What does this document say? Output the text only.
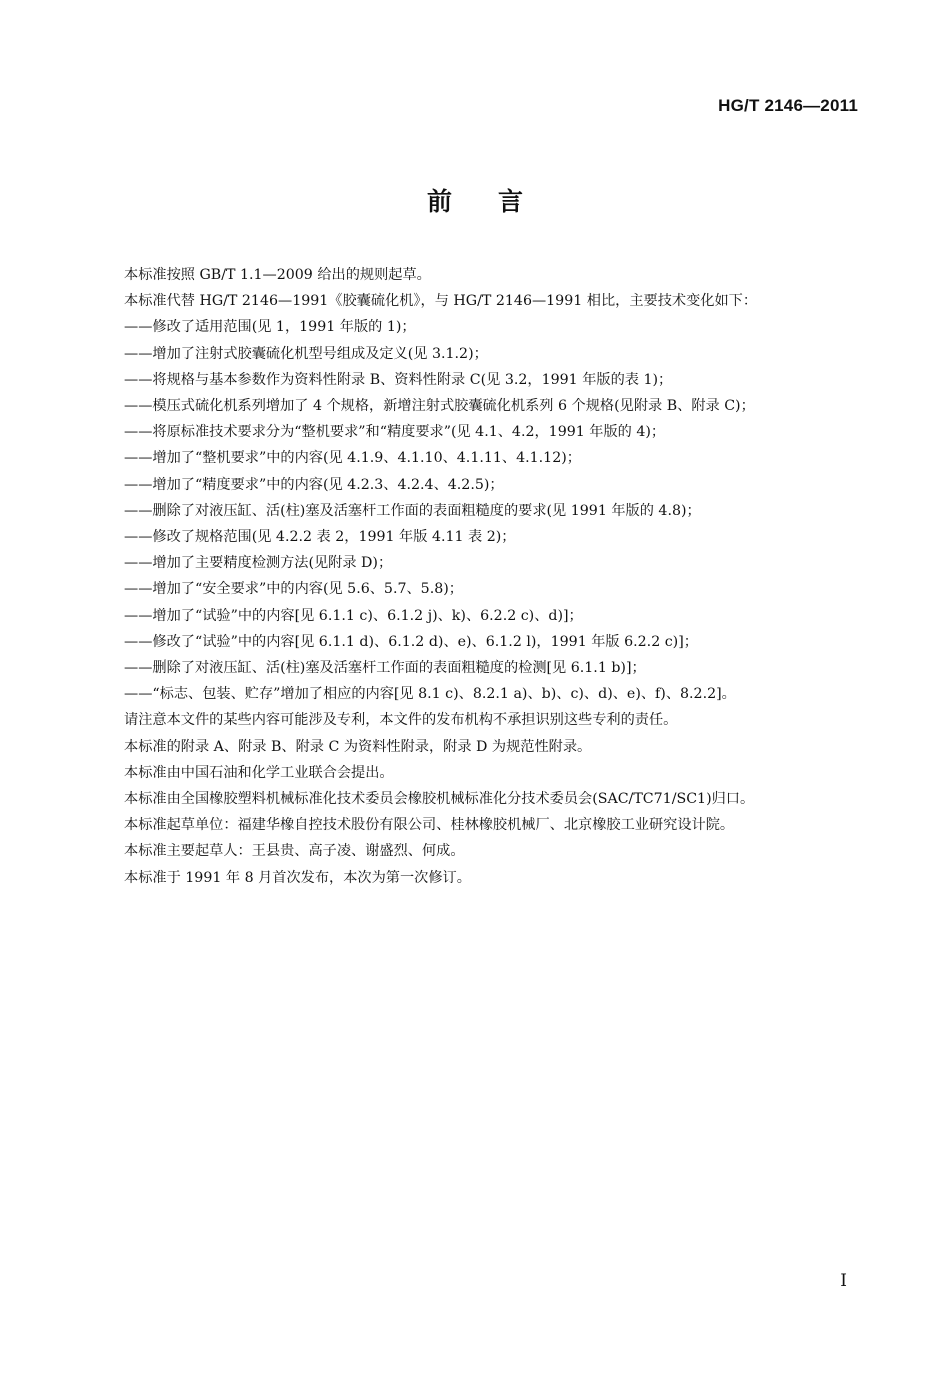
HG/T 2146—2011
前言

本标准按照 GB/T 1.1—2009 给出的规则起草。

本标准代替 HG/T 2146—1991《胶囊硫化机》，与 HG/T 2146—1991 相比，主要技术变化如下：

——修改了适用范围(见 1，1991 年版的 1)；

——增加了注射式胶囊硫化机型号组成及定义(见 3.1.2)；

——将规格与基本参数作为资料性附录 B、资料性附录 C(见 3.2，1991 年版的表 1)；

——模压式硫化机系列增加了 4 个规格，新增注射式胶囊硫化机系列 6 个规格(见附录 B、附录 C)；

——将原标准技术要求分为“整机要求”和“精度要求”(见 4.1、4.2，1991 年版的 4)；

——增加了“整机要求”中的内容(见 4.1.9、4.1.10、4.1.11、4.1.12)；

——增加了“精度要求”中的内容(见 4.2.3、4.2.4、4.2.5)；

——删除了对液压缸、活(柱)塞及活塞杆工作面的表面粗糙度的要求(见 1991 年版的 4.8)；

——修改了规格范围(见 4.2.2 表 2，1991 年版 4.11 表 2)；

——增加了主要精度检测方法(见附录 D)；

——增加了“安全要求”中的内容(见 5.6、5.7、5.8)；

——增加了“试验”中的内容[见 6.1.1 c)、6.1.2 j)、k)、6.2.2 c)、d)]；

——修改了“试验”中的内容[见 6.1.1 d)、6.1.2 d)、e)、6.1.2 l)，1991 年版 6.2.2 c)]；

——删除了对液压缸、活(柱)塞及活塞杆工作面的表面粗糙度的检测[见 6.1.1 b)]；

——“标志、包装、贮存”增加了相应的内容[见 8.1 c)、8.2.1 a)、b)、c)、d)、e)、f)、8.2.2]。

请注意本文件的某些内容可能涉及专利，本文件的发布机构不承担识别这些专利的责任。

本标准的附录 A、附录 B、附录 C 为资料性附录，附录 D 为规范性附录。

本标准由中国石油和化学工业联合会提出。

本标准由全国橡胶塑料机械标准化技术委员会橡胶机械标准化分技术委员会(SAC/TC71/SC1)归口。

本标准起草单位：福建华橡自控技术股份有限公司、桂林橡胶机械厂、北京橡胶工业研究设计院。

本标准主要起草人：王县贵、高子凌、谢盛烈、何成。

本标准于 1991 年 8 月首次发布，本次为第一次修订。

I
